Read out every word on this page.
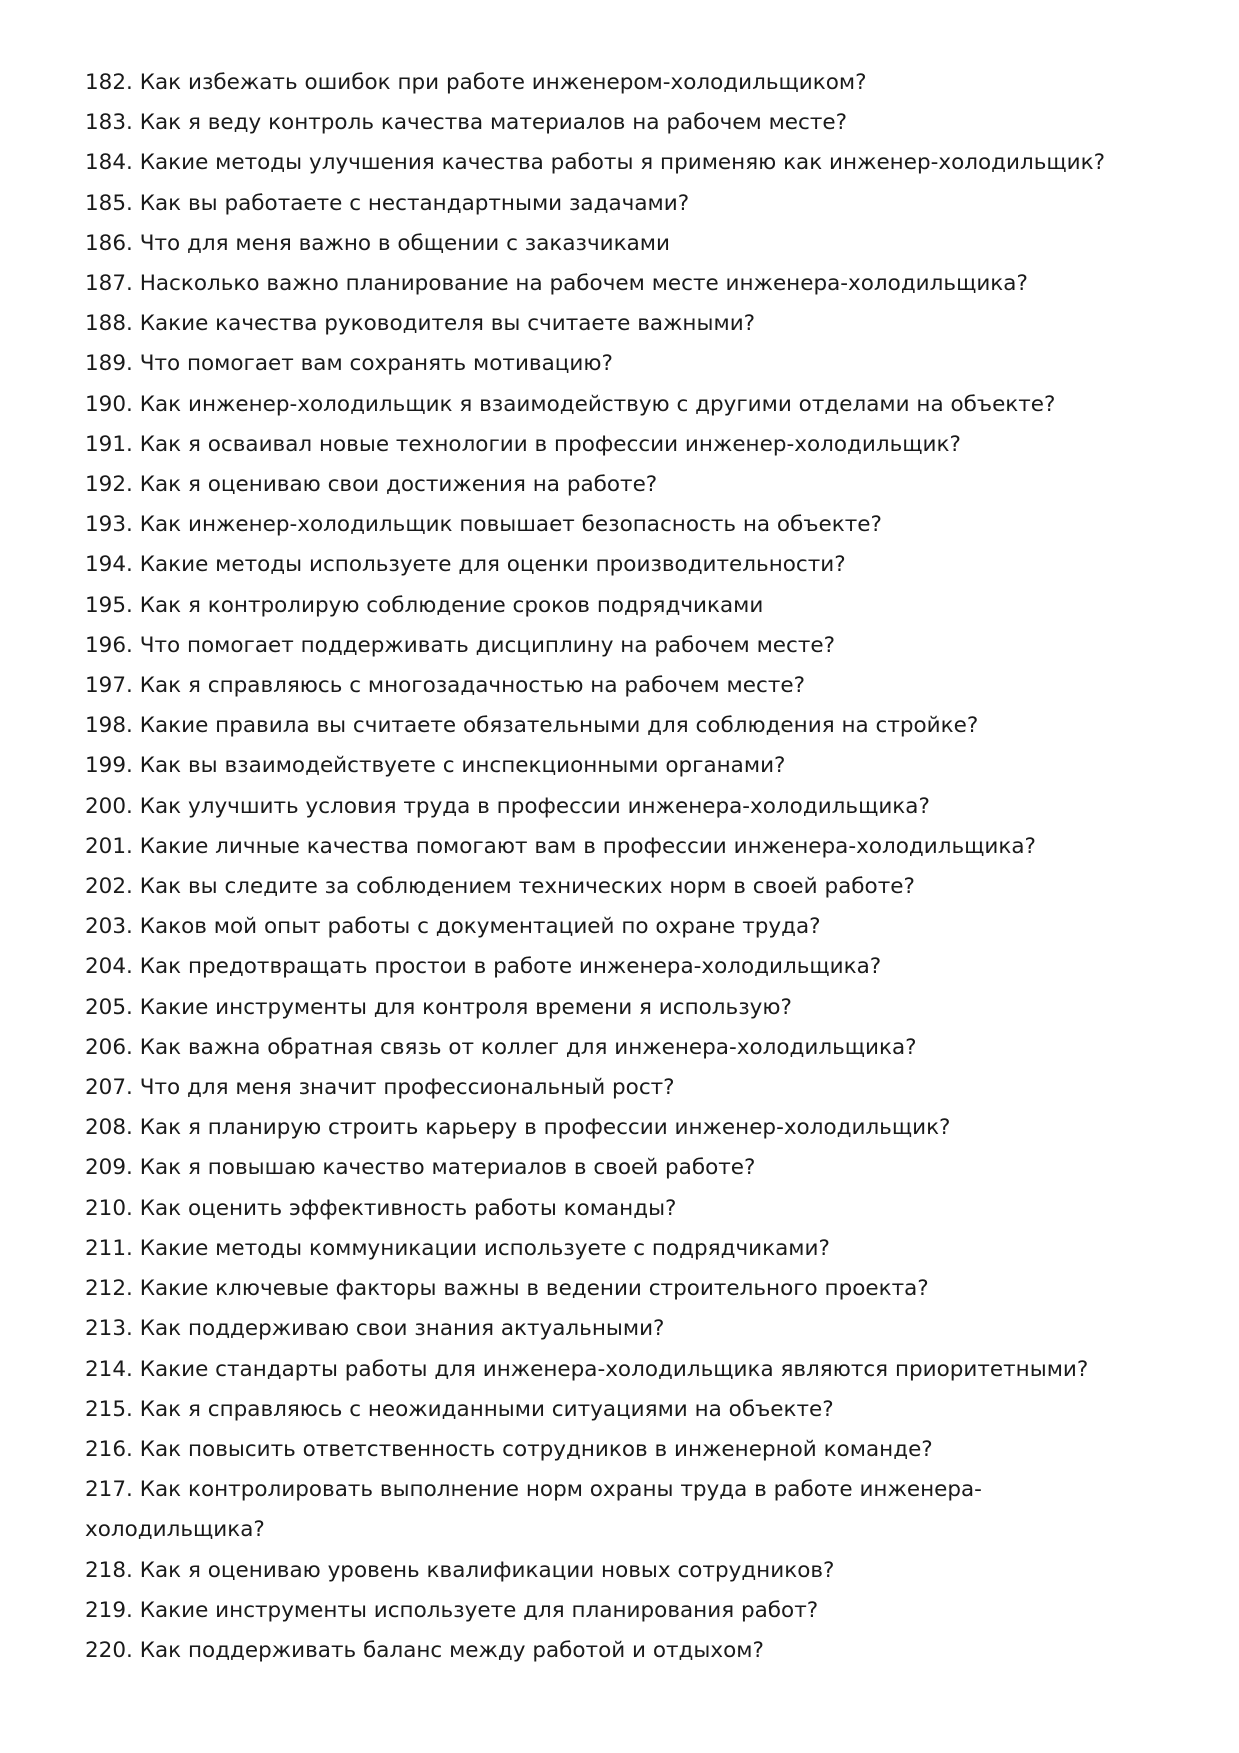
182 . Как избежать ошибок при работе инженером-холодильщиком?
183 . Как я веду контроль качества материалов на рабочем месте?
184 . Какие методы улучшения качества работы я применяю как инженер-холодильщик?
185 . Как вы работаете с нестандартными задачами?
186 . Что для меня важно в общении с заказчиками
187 . Насколько важно планирование на рабочем месте инженера-холодильщика?
188 . Какие качества руководителя вы считаете важными?
189 . Что помогает вам сохранять мотивацию?
190 . Как инженер-холодильщик я взаимодействую с другими отделами на объекте?
191 . Как я осваивал новые технологии в профессии инженер-холодильщик?
192 . Как я оцениваю свои достижения на работе?
193 . Как инженер-холодильщик повышает безопасность на объекте?
194 . Какие методы используете для оценки производительности?
195 . Как я контролирую соблюдение сроков подрядчиками
196 . Что помогает поддерживать дисциплину на рабочем месте?
197 . Как я справляюсь с многозадачностью на рабочем месте?
198 . Какие правила вы считаете обязательными для соблюдения на стройке?
199 . Как вы взаимодействуете с инспекционными органами?
200 . Как улучшить условия труда в профессии инженера-холодильщика?
201 . Какие личные качества помогают вам в профессии инженера-холодильщика?
202 . Как вы следите за соблюдением технических норм в своей работе?
203 . Каков мой опыт работы с документацией по охране труда?
204 . Как предотвращать простои в работе инженера-холодильщика?
205 . Какие инструменты для контроля времени я использую?
206 . Как важна обратная связь от коллег для инженера-холодильщика?
207 . Что для меня значит профессиональный рост?
208 . Как я планирую строить карьеру в профессии инженер-холодильщик?
209 . Как я повышаю качество материалов в своей работе?
210 . Как оценить эффективность работы команды?
211 . Какие методы коммуникации используете с подрядчиками?
212 . Какие ключевые факторы важны в ведении строительного проекта?
213 . Как поддерживаю свои знания актуальными?
214 . Какие стандарты работы для инженера-холодильщика являются приоритетными?
215 . Как я справляюсь с неожиданными ситуациями на объекте?
216 . Как повысить ответственность сотрудников в инженерной команде?
217 . Как контролировать выполнение норм охраны труда в работе инженера-холодильщика?
218 . Как я оцениваю уровень квалификации новых сотрудников?
219 . Какие инструменты используете для планирования работ?
220 . Как поддерживать баланс между работой и отдыхом?
